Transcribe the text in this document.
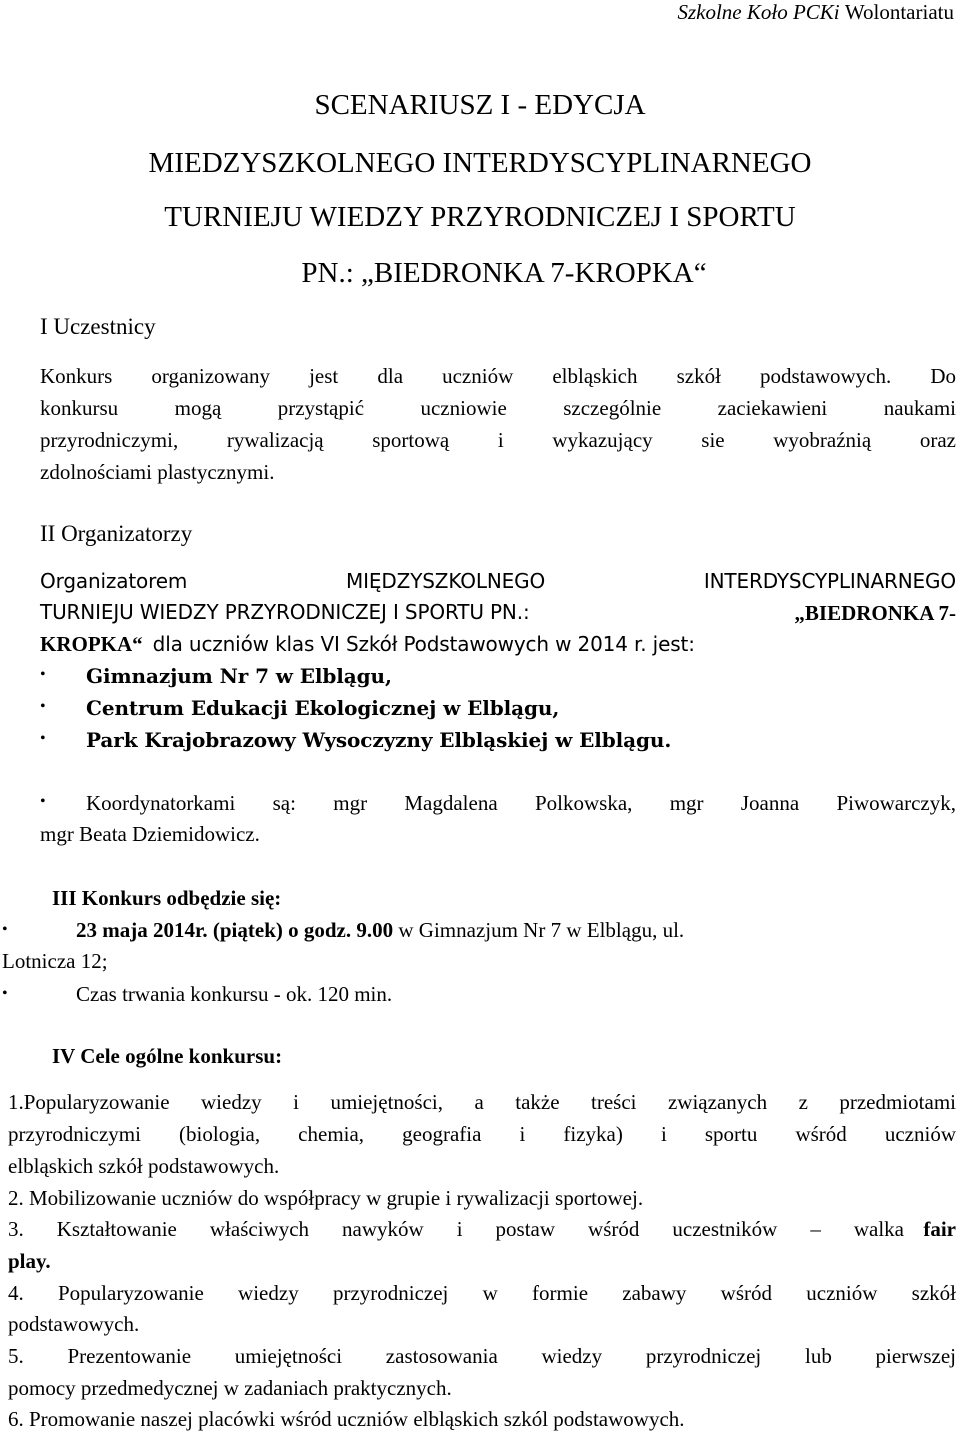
Szkolne Koło PCKi Wolontariatu
SCENARIUSZ I - EDYCJA
MIEDZYSZKOLNEGO INTERDYSCYPLINARNEGO
TURNIEJU WIEDZY PRZYRODNICZEJ I SPORTU
PN.: „BIEDRONKA 7-KROPKA“
I Uczestnicy
Konkurs organizowany jest dla uczniów elbląskich szkół podstawowych. Do
konkursu mogą przystąpić uczniowie szczególnie zaciekawieni naukami
przyrodniczymi, rywalizacją sportową i wykazujący sie wyobraźnią oraz
zdolnościami plastycznymi.
II Organizatorzy
Organizatorem MIĘDZYSZKOLNEGO INTERDYSCYPLINARNEGO
TURNIEJU WIEDZY PRZYRODNICZEJ I SPORTU PN.:	„BIEDRONKA 7-
KROPKA“ dla uczniów klas VI Szkół Podstawowych w 2014 r. jest:
• Gimnazjum Nr 7 w Elblągu,
• Centrum Edukacji Ekologicznej w Elblągu,
• Park Krajobrazowy Wysoczyzny Elbląskiej w Elblągu.
• Koordynatorkami są: mgr Magdalena Polkowska, mgr Joanna Piwowarczyk,
mgr Beata Dziemidowicz.
III Konkurs odbędzie się:
•	23 maja 2014r. (piątek) o godz. 9.00 w Gimnazjum Nr 7 w Elblągu, ul.
Lotnicza 12;
•	Czas trwania konkursu - ok. 120 min.
IV Cele ogólne konkursu:
1.Popularyzowanie wiedzy i umiejętności, a także treści związanych z przedmiotami
przyrodniczymi (biologia, chemia, geografia i fizyka) i sportu wśród uczniów
elbląskich szkół podstawowych.
2. Mobilizowanie uczniów do współpracy w grupie i rywalizacji sportowej.
3. Kształtowanie właściwych nawyków i postaw wśród uczestników – walka fair
play.
4. Popularyzowanie wiedzy przyrodniczej w formie zabawy wśród uczniów szkół
podstawowych.
5. Prezentowanie umiejętności zastosowania wiedzy przyrodniczej lub pierwszej
pomocy przedmedycznej w zadaniach praktycznych.
6. Promowanie naszej placówki wśród uczniów elbląskich szkól podstawowych.
